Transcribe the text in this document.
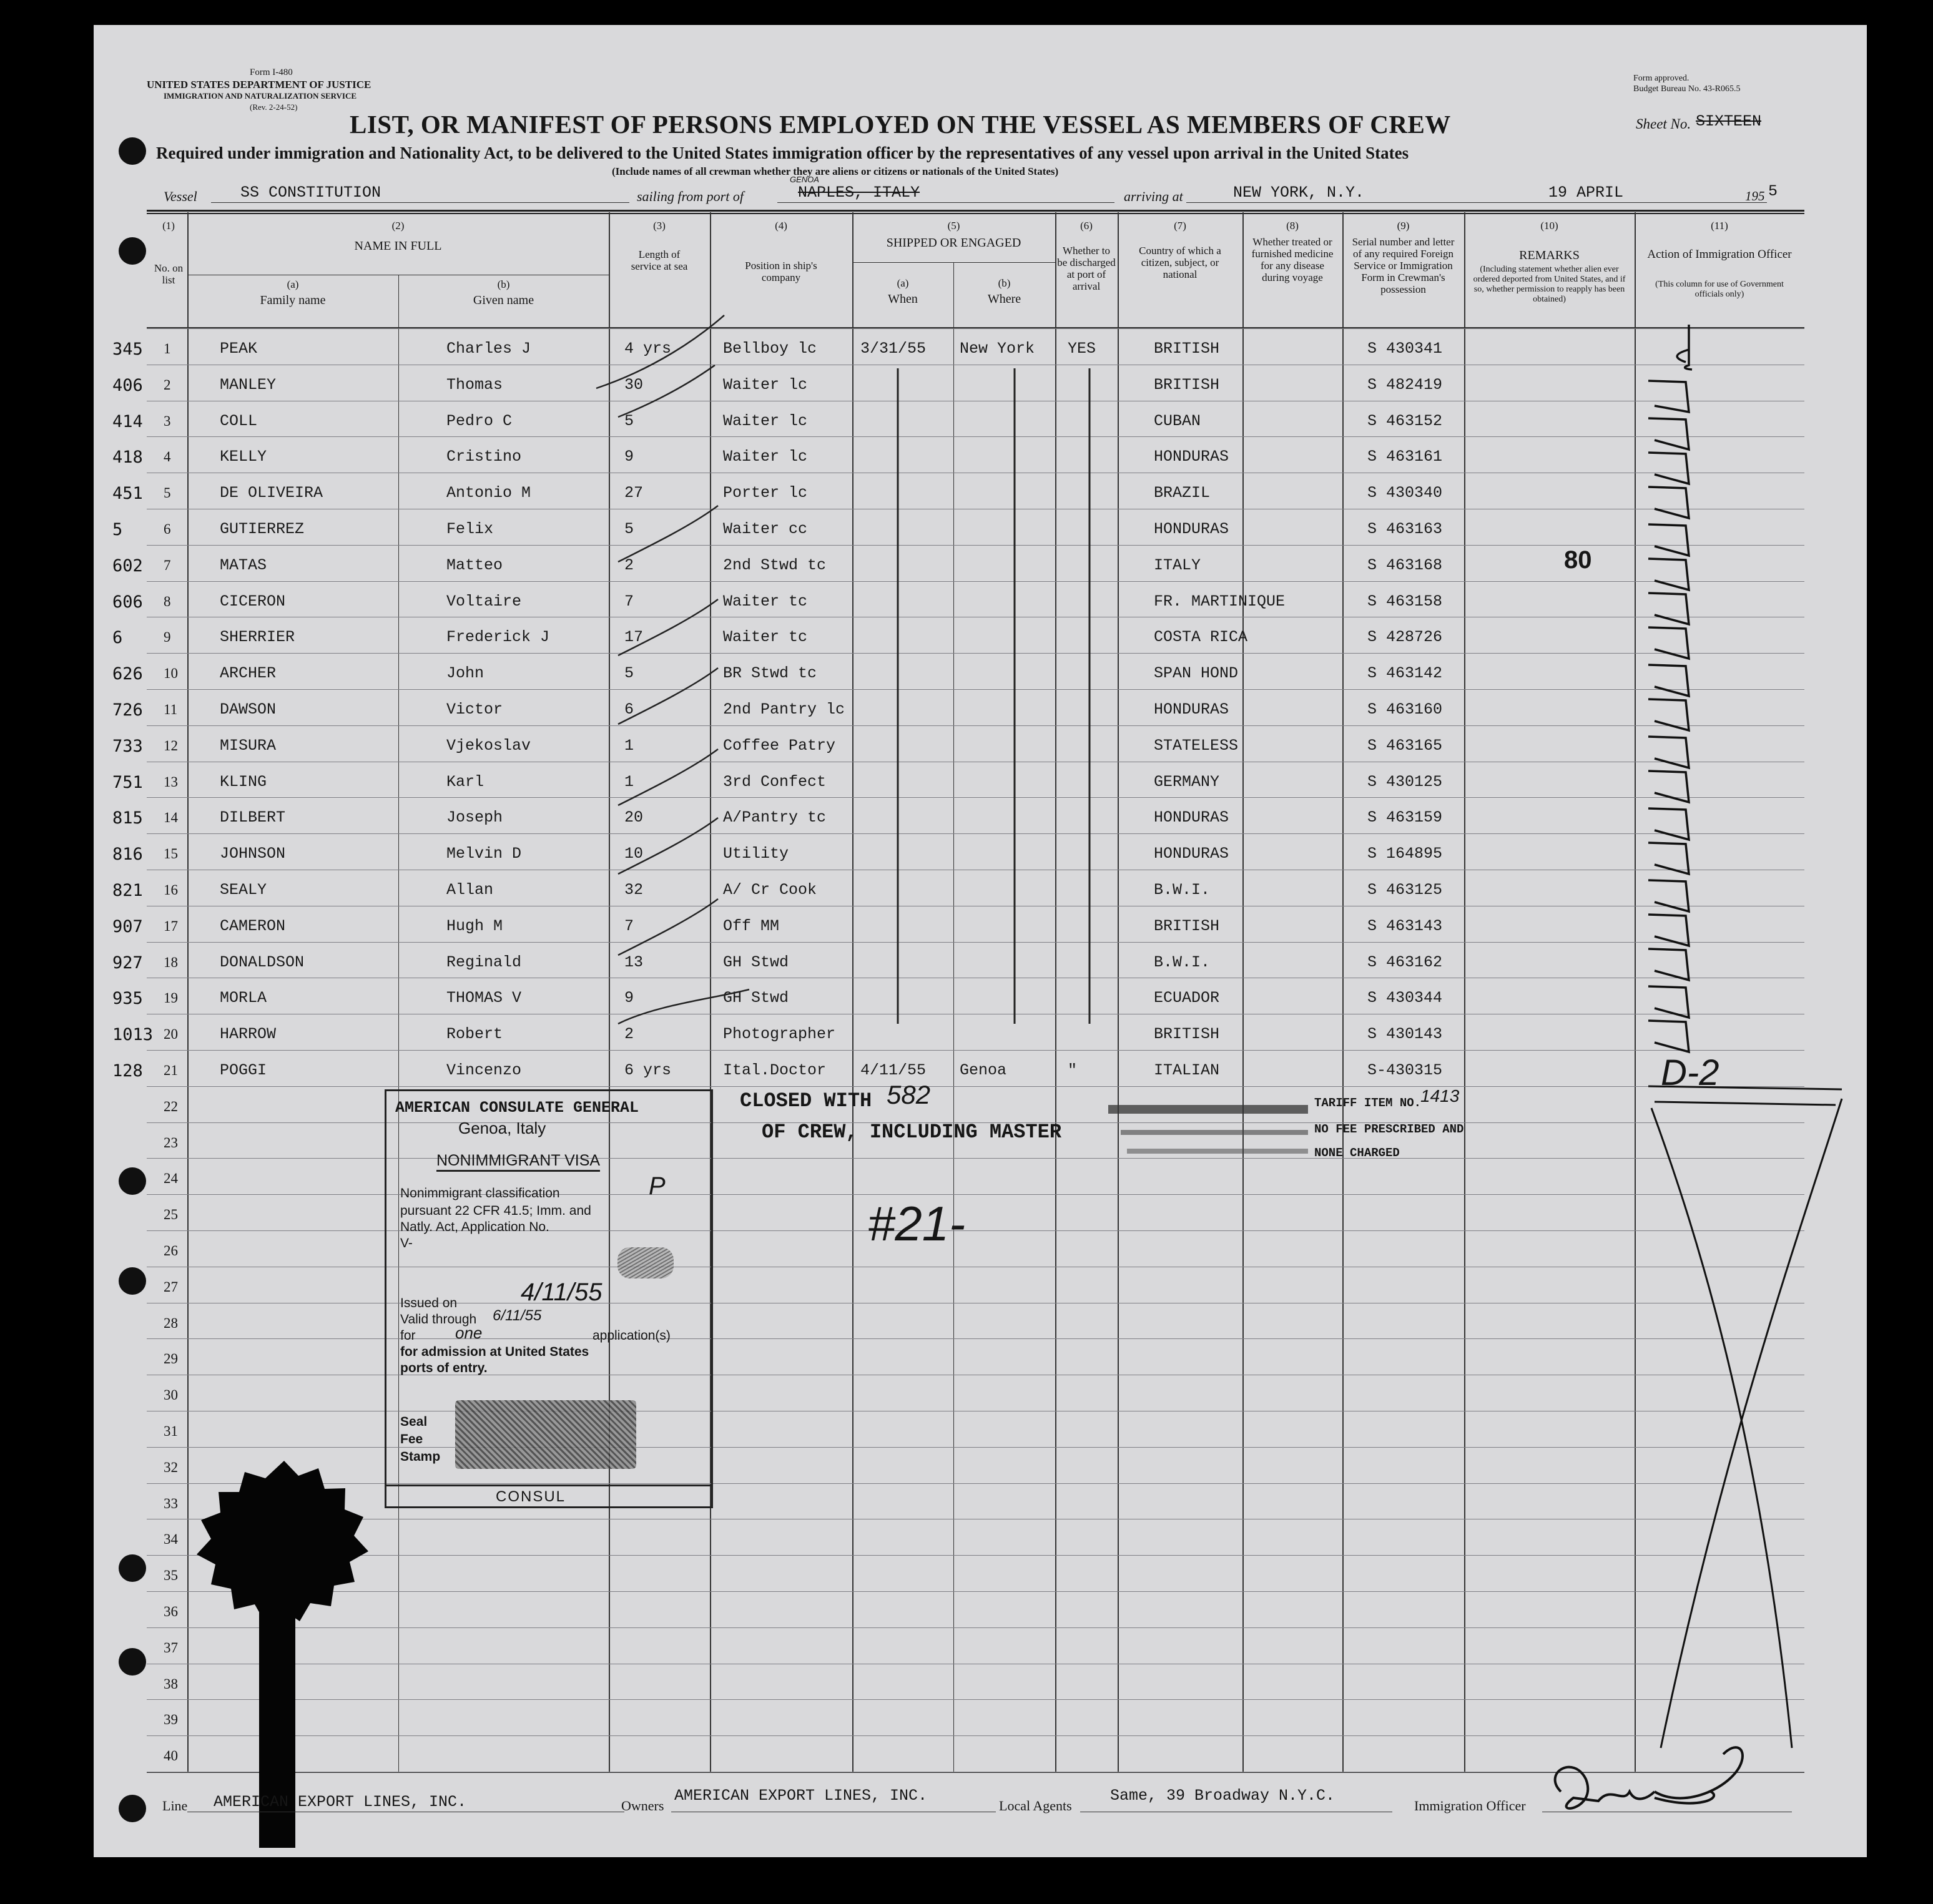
Form I-480
UNITED STATES DEPARTMENT OF JUSTICE
IMMIGRATION AND NATURALIZATION SERVICE
(Rev. 2-24-52)
Form approved.
Budget Bureau No. 43-R065.5
LIST, OR MANIFEST OF PERSONS EMPLOYED ON THE VESSEL AS MEMBERS OF CREW	Sheet No. SIXTEEN
Required under immigration and Nationality Act, to be delivered to the United States immigration officer by the representatives of any vessel upon arrival in the United States
(Include names of all crewman whether they are aliens or citizens or nationals of the United States)
Vessel	SS CONSTITUTION	sailing from port of
GENOA
NAPLES, ITALY	arriving at	NEW YORK, N.Y.	19 APRIL	195 5
(1)
No. on list
(2)
NAME IN FULL
(a)
Family name
(b)
Given name
(3)
Length of service at sea
(4)
Position in ship's company
(5)
SHIPPED OR ENGAGED
(a)
When
(b)
Where
(6)
Whether to be discharged at port of arrival
(7)
Country of which a citizen, subject, or national
(8)
Whether treated or furnished medicine for any disease during voyage
(9)
Serial number and letter of any required Foreign Service or Immigration Form in Crewman's possession
(10)
REMARKS
(Including statement whether alien ever ordered deported from United States, and if so, whether permission to reapply has been obtained)
(11)
Action of Immigration Officer
(This column for use of Government officials only)
345 1	PEAK	Charles J	4 yrs	Bellboy lc	3/31/55 New York YES	BRITISH	S 430341
406 2	MANLEY	Thomas	30	Waiter lc	BRITISH	S 482419
414 3	COLL	Pedro C	5	Waiter lc	CUBAN	S 463152
418 4	KELLY	Cristino	9	Waiter lc	HONDURAS	S 463161
451 5	DE OLIVEIRA	Antonio M	27	Porter lc	BRAZIL	S 430340
5	6	GUTIERREZ	Felix	5	Waiter cc	HONDURAS	S 463163
602 7	MATAS	Matteo	2	2nd Stwd tc	ITALY	S 463168
606 8	CICERON	Voltaire	7	Waiter tc	FR. MARTINIQUE	S 463158
6	9	SHERRIER	Frederick J	17	Waiter tc	COSTA RICA	S 428726
626 10	ARCHER	John	5	BR Stwd tc	SPAN HOND	S 463142
726 11	DAWSON	Victor	6	2nd Pantry lc	HONDURAS	S 463160
733 12	MISURA	Vjekoslav	1	Coffee Patry	STATELESS	S 463165
751 13	KLING	Karl	1	3rd Confect	GERMANY	S 430125
815 14	DILBERT	Joseph	20	A/Pantry tc	HONDURAS	S 463159
816 15	JOHNSON	Melvin D	10	Utility	HONDURAS	S 164895
821 16	SEALY	Allan	32	A/ Cr Cook	B.W.I.	S 463125
907 17	CAMERON	Hugh M	7	Off MM	BRITISH	S 463143
927 18	DONALDSON	Reginald	13	GH Stwd	B.W.I.	S 463162
935 19	MORLA	THOMAS V	9	GH Stwd	ECUADOR	S 430344
1013 20	HARROW	Robert	2	Photographer	BRITISH	S 430143
128 21	POGGI	Vincenzo	6 yrs	Ital.Doctor 4/11/55 Genoa	"	ITALIAN	S-430315
22
23
24
25
26
27
28
29
30
31
32
33
34
35
36
37
38
39
40
80
D-2
CLOSED WITH 582
OF CREW, INCLUDING MASTER
#21-
TARIFF ITEM NO.
1413
NO FEE PRESCRIBED AND
NONE CHARGED
AMERICAN CONSULATE GENERAL
Genoa, Italy
NONIMMIGRANT VISA
Nonimmigrant classification	P
pursuant 22 CFR 41.5; Imm. and
Natly. Act, Application No.
V-
Issued on	4/11/55
Valid through 6/11/55
for one	application(s)
for admission at United States
ports of entry.
Seal
Fee
Stamp
CONSUL
Line AMERICAN EXPORT LINES, INC.	Owners
AMERICAN EXPORT LINES, INC.
Local Agents
Same, 39 Broadway N.Y.C.
Immigration Officer
